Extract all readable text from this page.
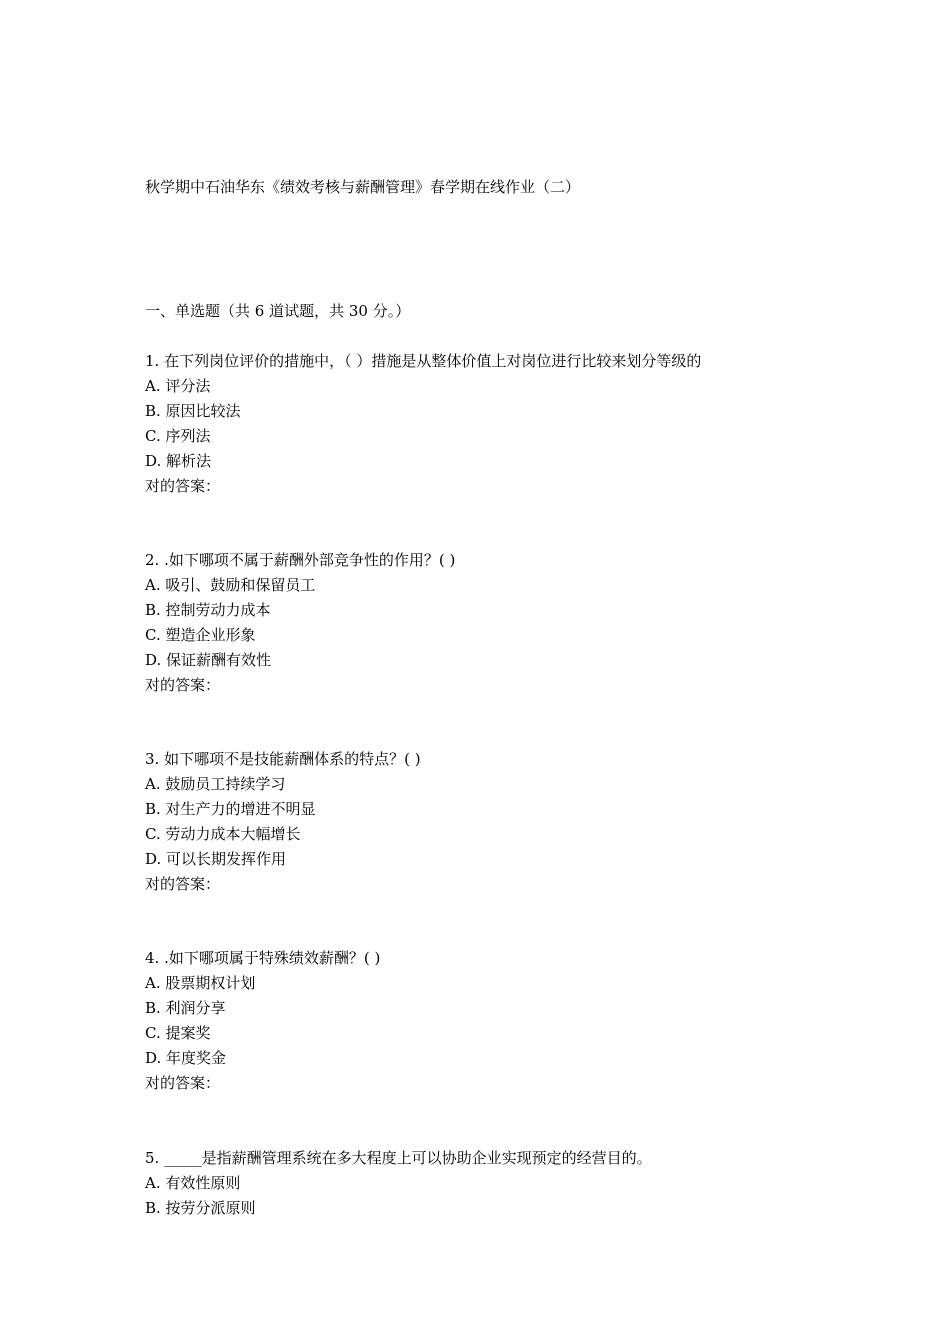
秋学期中石油华东《绩效考核与薪酬管理》春学期在线作业（二）
一、单选题（共 6 道试题，共 30 分。）
1. 在下列岗位评价的措施中，（ ）措施是从整体价值上对岗位进行比较来划分等级的
A. 评分法
B. 原因比较法
C. 序列法
D. 解析法
对的答案：
2. .如下哪项不属于薪酬外部竞争性的作用？( )
A. 吸引、鼓励和保留员工
B. 控制劳动力成本
C. 塑造企业形象
D. 保证薪酬有效性
对的答案：
3. 如下哪项不是技能薪酬体系的特点？( )
A. 鼓励员工持续学习
B. 对生产力的增进不明显
C. 劳动力成本大幅增长
D. 可以长期发挥作用
对的答案：
4. .如下哪项属于特殊绩效薪酬？( )
A. 股票期权计划
B. 利润分享
C. 提案奖
D. 年度奖金
对的答案：
5. _____是指薪酬管理系统在多大程度上可以协助企业实现预定的经营目的。
A. 有效性原则
B. 按劳分派原则
